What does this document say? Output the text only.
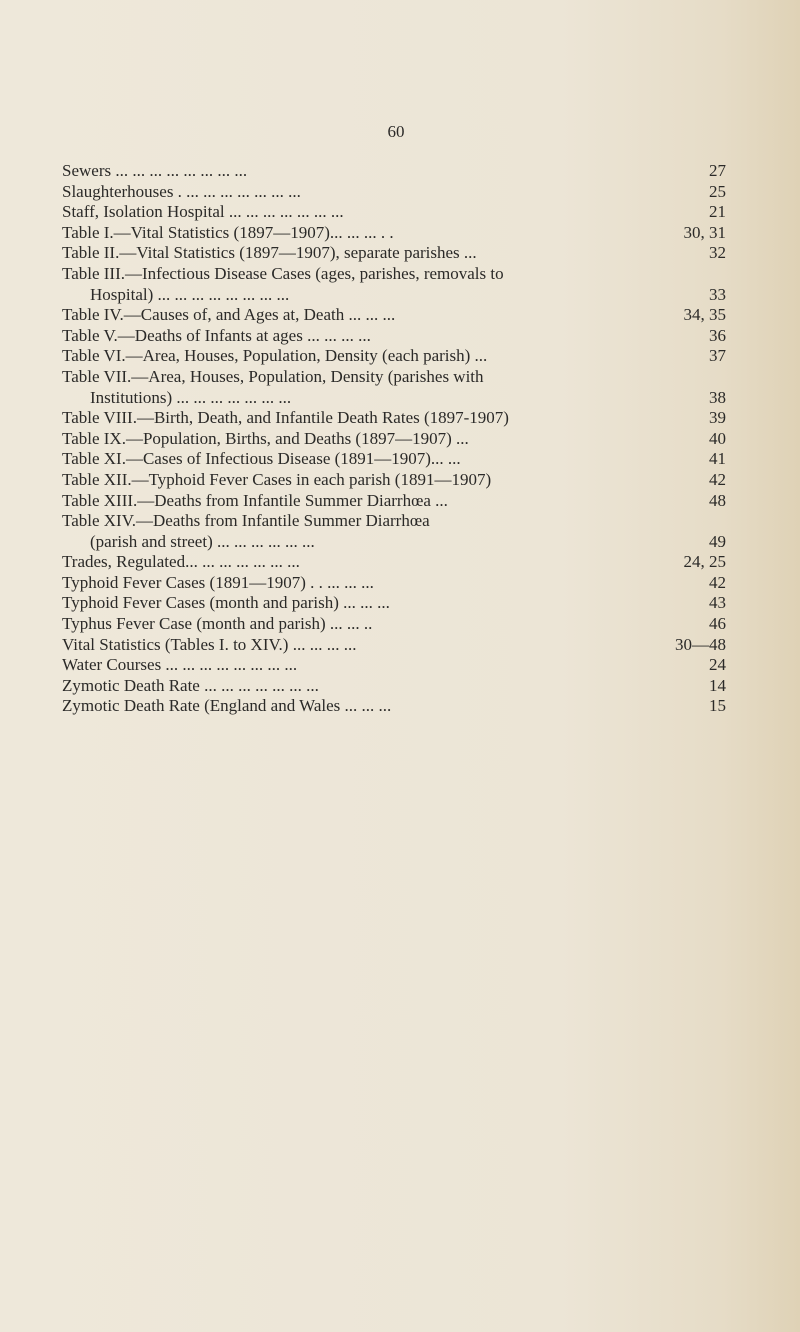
60
Sewers ... ... ... ... ... ... ... ...	27
Slaughterhouses . ... ... ... ... ... ... ...	25
Staff, Isolation Hospital ... ... ... ... ... ... ...	21
Table I.—Vital Statistics (1897—1907)... ... ... . .	30, 31
Table II.—Vital Statistics (1897—1907), separate parishes ...	32
Table III.—Infectious Disease Cases (ages, parishes, removals to
Hospital) ... ... ... ... ... ... ... ...	33
Table IV.—Causes of, and Ages at, Death ... ... ...	34, 35
Table V.—Deaths of Infants at ages ... ... ... ...	36
Table VI.—Area, Houses, Population, Density (each parish) ...	37
Table VII.—Area, Houses, Population, Density (parishes with
Institutions) ... ... ... ... ... ... ...	38
Table VIII.—Birth, Death, and Infantile Death Rates (1897-1907)	39
Table IX.—Population, Births, and Deaths (1897—1907) ...	40
Table XI.—Cases of Infectious Disease (1891—1907)... ...	41
Table XII.—Typhoid Fever Cases in each parish (1891—1907)	42
Table XIII.—Deaths from Infantile Summer Diarrhœa ...	48
Table XIV.—Deaths from Infantile Summer Diarrhœa
(parish and street) ... ... ... ... ... ...	49
Trades, Regulated... ... ... ... ... ... ...	24, 25
Typhoid Fever Cases (1891—1907) . . ... ... ...	42
Typhoid Fever Cases (month and parish) ... ... ...	43
Typhus Fever Case (month and parish) ... ... ..	46
Vital Statistics (Tables I. to XIV.) ... ... ... ...	30—48
Water Courses ... ... ... ... ... ... ... ...	24
Zymotic Death Rate ... ... ... ... ... ... ...	14
Zymotic Death Rate (England and Wales ... ... ...	15
